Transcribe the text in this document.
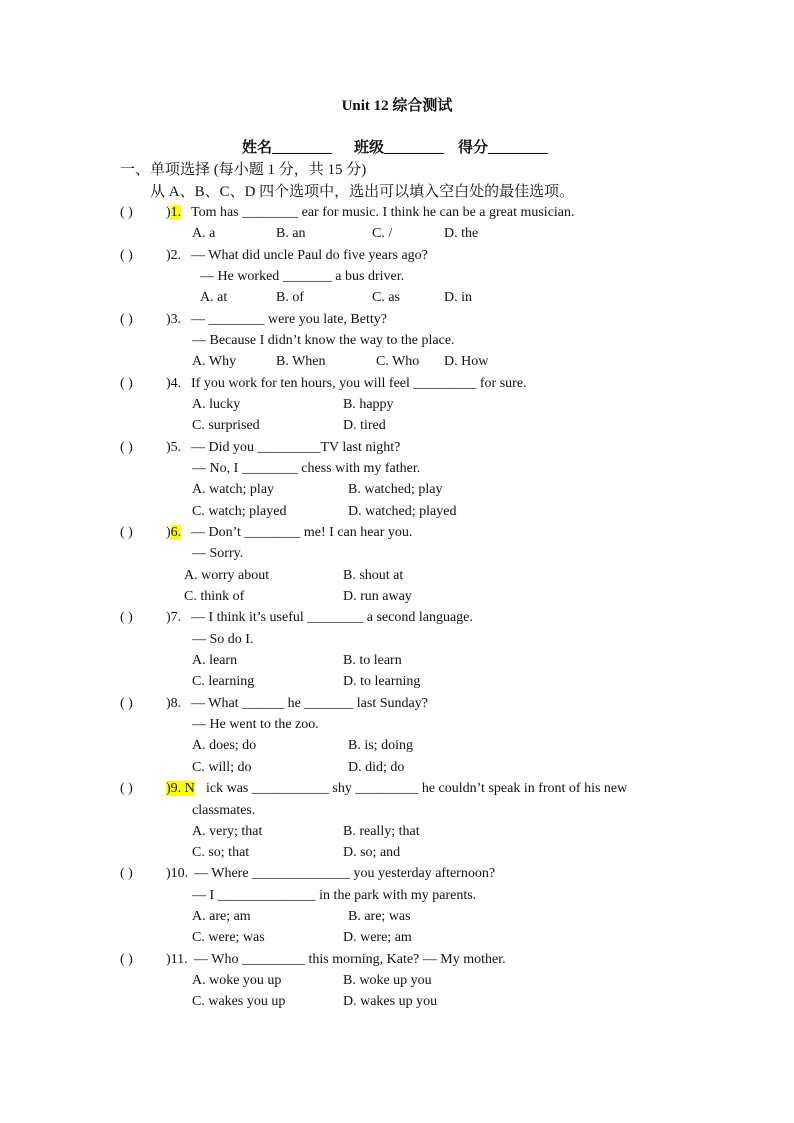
Unit 12 综合测试
姓名________ 班级________ 得分________
一、单项选择 (每小题 1 分，共 15 分)
从 A、B、C、D 四个选项中，选出可以填入空白处的最佳选项。
( ) )1. Tom has ________ ear for music. I think he can be a great musician.
A. a	B. an	C. /	D. the
( ) )2. — What did uncle Paul do five years ago?
— He worked _______ a bus driver.
A. at	B. of	C. as	D. in
( ) )3. — ________ were you late, Betty?
— Because I didn’t know the way to the place.
A. Why	B. When	C. Who D. How
( ) )4. If you work for ten hours, you will feel _________ for sure.
A. lucky	B. happy
C. surprised	D. tired
( ) )5. — Did you _________TV last night?
— No, I ________ chess with my father.
A. watch; play	B. watched; play
C. watch; played	D. watched; played
( ) )6. — Don’t ________ me! I can hear you.
— Sorry.
A. worry about	B. shout at
C. think of	D. run away
( ) )7. — I think it’s useful ________ a second language.
— So do I.
A. learn	B. to learn
C. learning	D. to learning
( ) )8. — What ______ he _______ last Sunday?
— He went to the zoo.
A. does; do	B. is; doing
C. will; do	D. did; do
( ) )9. N ick was ___________ shy _________ he couldn’t speak in front of his new
classmates.
A. very; that	B. really; that
C. so; that	D. so; and
( ) )10. — Where ______________ you yesterday afternoon?
— I ______________ in the park with my parents.
A. are; am	B. are; was
C. were; was	D. were; am
( ) )11. — Who _________ this morning, Kate? — My mother.
A. woke you up	B. woke up you
C. wakes you up	D. wakes up you
